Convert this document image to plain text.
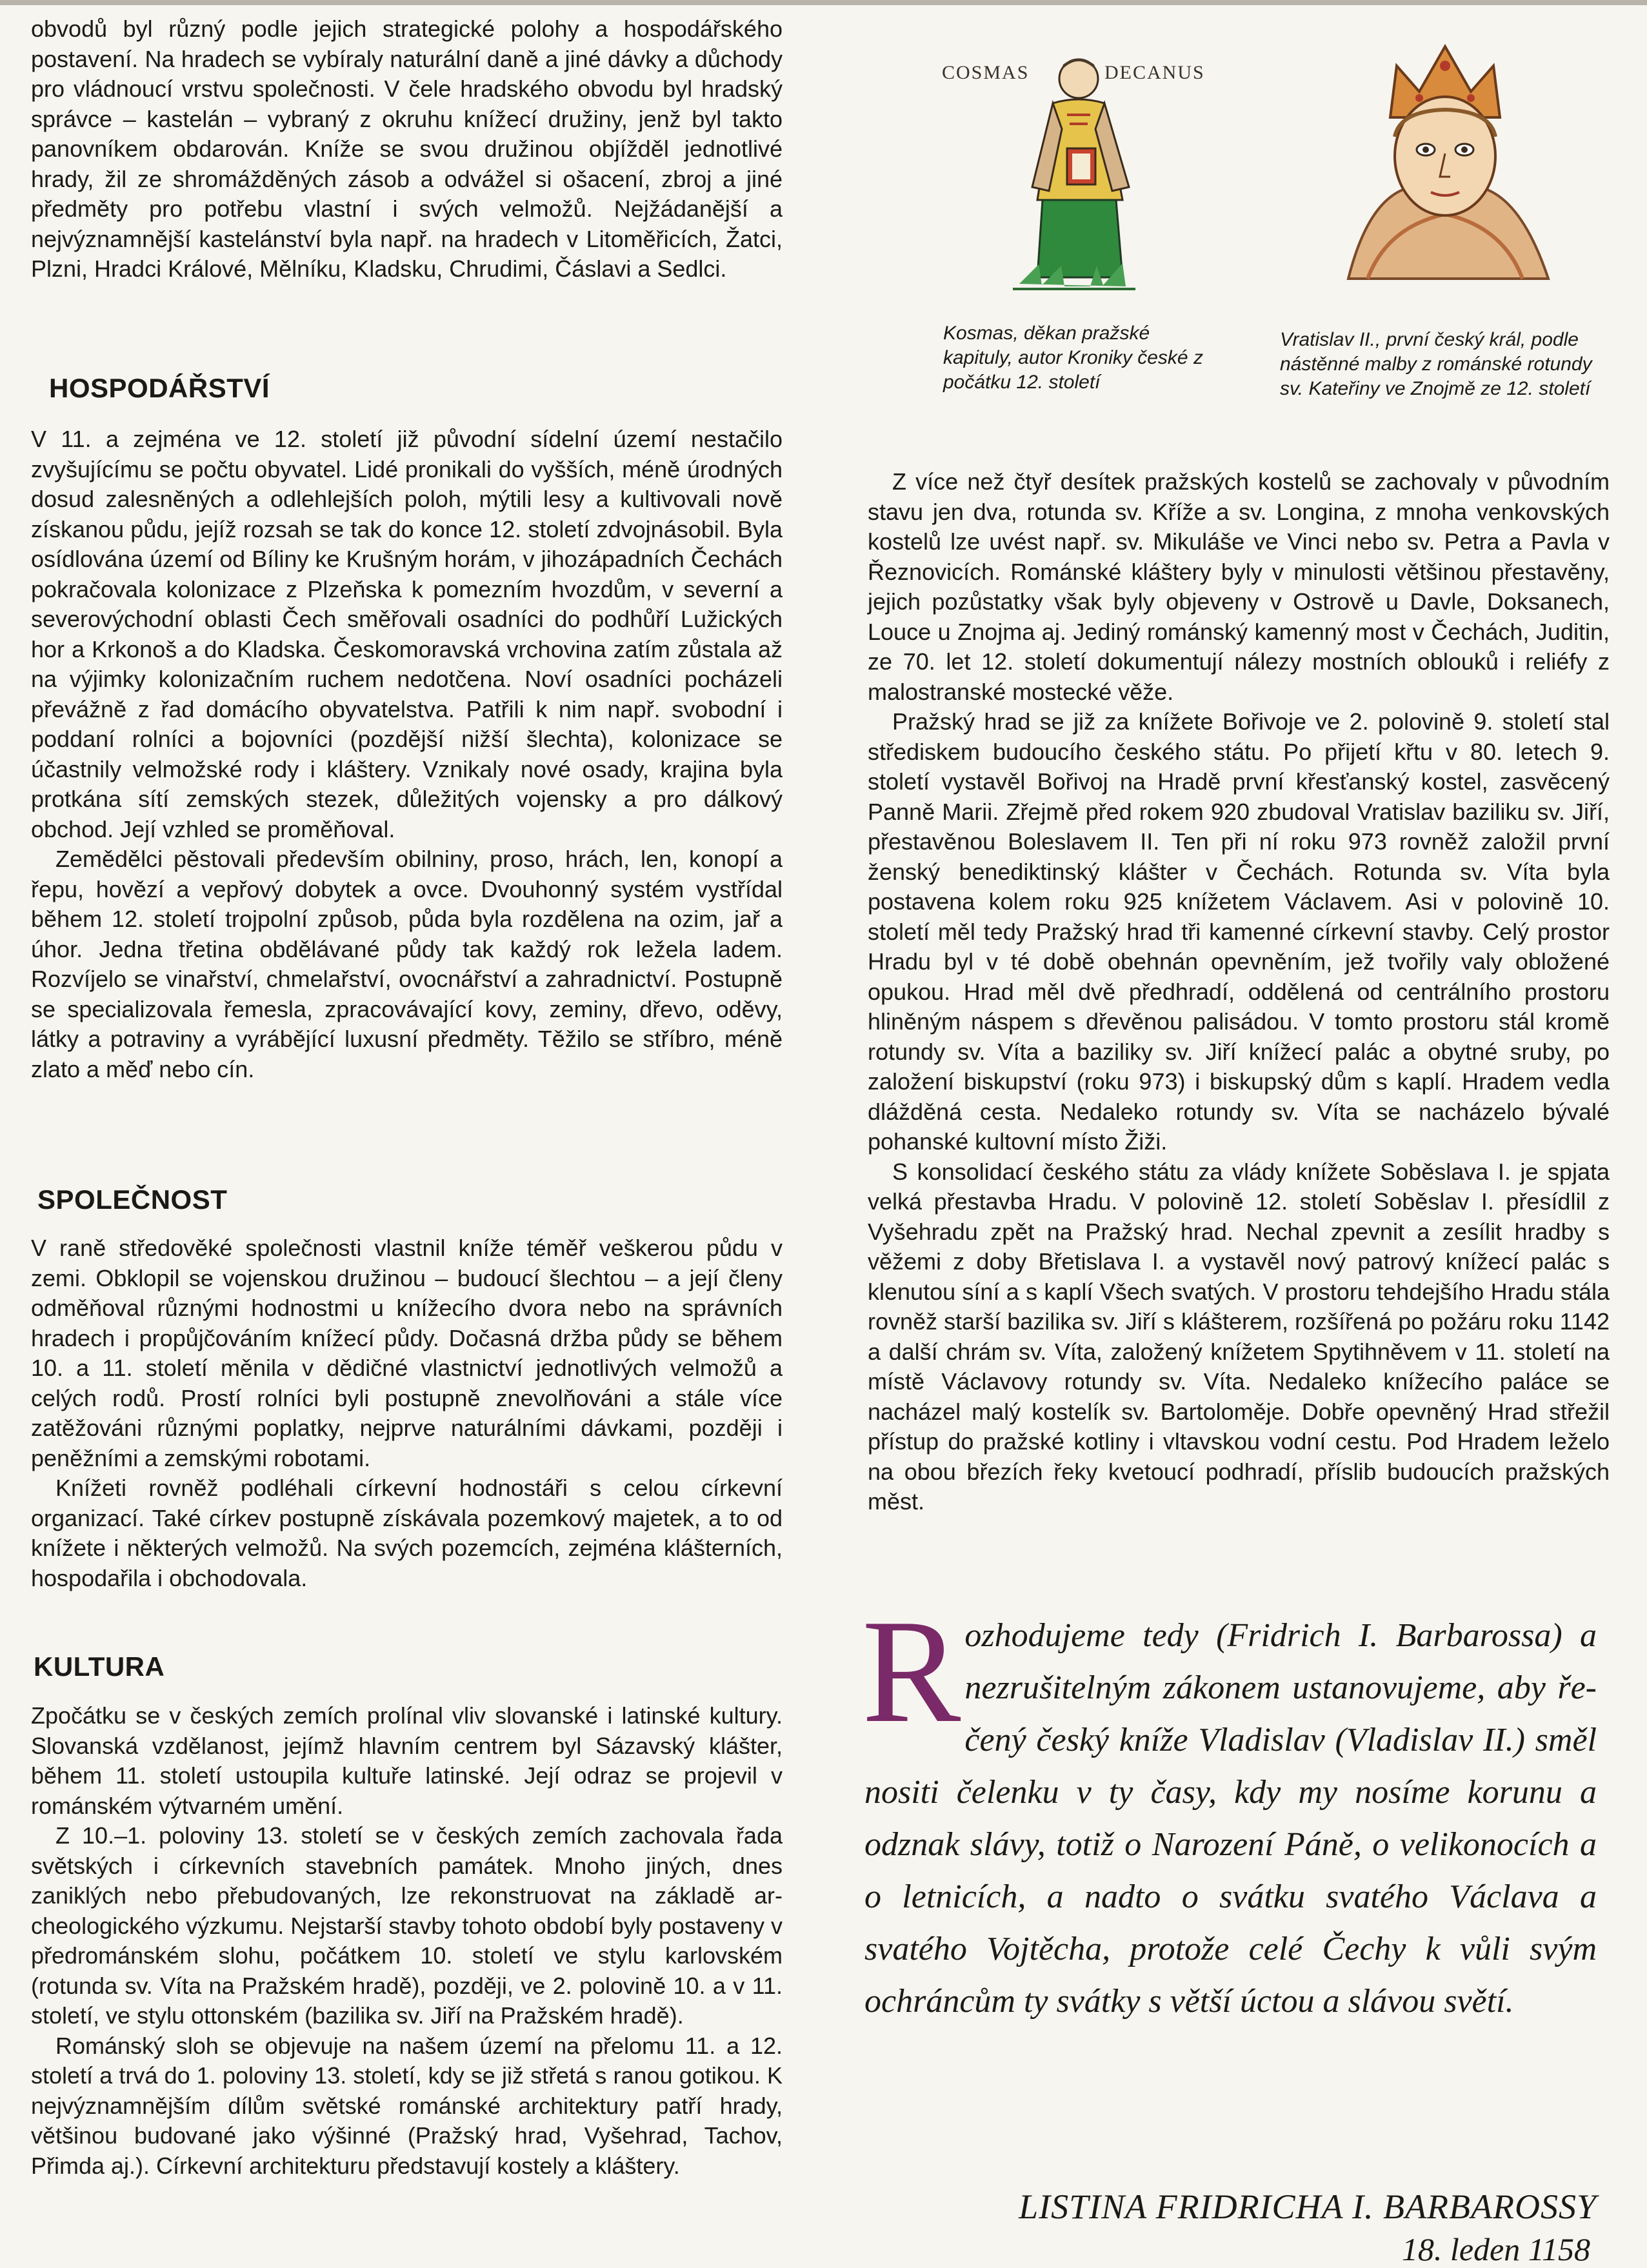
obvodů byl různý podle jejich strategické polohy a hospodářského postavení. Na hradech se vybíraly naturální daně a jiné dávky a důchody pro vládnoucí vrstvu společnosti. V čele hradského obvodu byl hradský správce – kastelán – vybraný z okruhu knížecí družiny, jenž byl takto panovníkem obdarován. Kníže se svou družinou objížděl jednotlivé hrady, žil ze shromážděných zásob a odvážel si ošacení, zbroj a jiné předměty pro potřebu vlastní i svých velmožů. Nejžádanější a nejvýznamnější kastelánství byla např. na hradech v Litoměřicích, Žatci, Plzni, Hradci Králové, Mělníku, Kladsku, Chrudimi, Čáslavi a Sedlci.

HOSPODÁŘSTVÍ

V 11. a zejména ve 12. století již původní sídelní území nestačilo zvyšujícímu se počtu obyvatel. Lidé pronikali do vyšších, méně úrodných dosud zalesněných a odlehlejších poloh, mýtili lesy a kultivovali nově získanou půdu, jejíž rozsah se tak do konce 12. století zdvojnásobil. Byla osídlována území od Bíliny ke Krušným horám, v jihozápadních Čechách pokračovala kolonizace z Plzeňska k pomezním hvozdům, v severní a severovýchodní oblasti Čech směřovali osadníci do podhůří Lužických hor a Krkonoš a do Kladska. Českomoravská vrchovina zatím zůstala až na výjimky kolonizačním ruchem nedotčena. Noví osadníci pocházeli převážně z řad domácího obyvatelstva. Patřili k nim např. svobodní i poddaní rolníci a bojovníci (pozdější nižší šlechta), kolonizace se účastnily velmožské rody i kláštery. Vznikaly nové osady, krajina byla protkána sítí zemských stezek, důležitých vojensky a pro dálkový obchod. Její vzhled se proměňoval.

Zemědělci pěstovali především obilniny, proso, hrách, len, konopí a řepu, hovězí a vepřový dobytek a ovce. Dvouhonný systém vystřídal během 12. století trojpolní způsob, půda byla rozdělena na ozim, jař a úhor. Jedna třetina obdělávané půdy tak každý rok ležela ladem. Rozvíjelo se vinařství, chmelařství, ovocnářství a zahradnictví. Postupně se specializovala řemesla, zpracovávající kovy, zeminy, dřevo, oděvy, látky a potraviny a vyrábějící luxusní předměty. Těžilo se stříbro, méně zlato a měď nebo cín.

SPOLEČNOST

V raně středověké společnosti vlastnil kníže téměř veškerou půdu v zemi. Obklopil se vojenskou družinou – budoucí šlechtou – a její členy odměňoval různými hodnostmi u knížecího dvora nebo na správních hradech i propůjčováním knížecí půdy. Dočasná držba půdy se během 10. a 11. století měnila v dědičné vlastnictví jednotlivých velmožů a celých rodů. Prostí rolníci byli postupně znevolňováni a stále více zatěžováni různými poplatky, nejprve naturálními dávkami, později i peněžními a zemskými robotami.

Knížeti rovněž podléhali církevní hodnostáři s celou církevní organizací. Také církev postupně získávala pozemkový majetek, a to od knížete i některých velmožů. Na svých pozemcích, zejména klášterních, hospodařila i obchodovala.

KULTURA

Zpočátku se v českých zemích prolínal vliv slovanské i latinské kultury. Slovanská vzdělanost, jejímž hlavním centrem byl Sázavský klášter, během 11. století ustoupila kultuře latinské. Její odraz se projevil v románském výtvarném umění.

Z 10.–1. poloviny 13. století se v českých zemích zachovala řada světských i církevních stavebních památek. Mnoho jiných, dnes zaniklých nebo přebudovaných, lze rekonstruovat na základě archeologického výzkumu. Nejstarší stavby tohoto období byly postaveny v předrománském slohu, počátkem 10. století ve stylu karlovském (rotunda sv. Víta na Pražském hradě), později, ve 2. polovině 10. a v 11. století, ve stylu ottonském (bazilika sv. Jiří na Pražském hradě).

Románský sloh se objevuje na našem území na přelomu 11. a 12. století a trvá do 1. poloviny 13. století, kdy se již střetá s ranou gotikou. K nejvýznamnějším dílům světské románské architektury patří hrady, většinou budované jako výšinné (Pražský hrad, Vyšehrad, Tachov, Přimda aj.). Církevní architekturu představují kostely a kláštery.

COSMAS	DECANUS

Kosmas, děkan pražské kapituly, autor Kroniky české z počátku 12. století

Vratislav II., první český král, podle nástěnné malby z románské rotundy sv. Kateřiny ve Znojmě ze 12. století

Z více než čtyř desítek pražských kostelů se zachovaly v původním stavu jen dva, rotunda sv. Kříže a sv. Longina, z mnoha venkovských kostelů lze uvést např. sv. Mikuláše ve Vinci nebo sv. Petra a Pavla v Řeznovicích. Románské kláštery byly v minulosti většinou přestavěny, jejich pozůstatky však byly objeveny v Ostrově u Davle, Doksanech, Louce u Znojma aj. Jediný románský kamenný most v Čechách, Juditin, ze 70. let 12. století dokumentují nálezy mostních oblouků i reliéfy z malostranské mostecké věže.

Pražský hrad se již za knížete Bořivoje ve 2. polovině 9. století stal střediskem budoucího českého státu. Po přijetí křtu v 80. letech 9. století vystavěl Bořivoj na Hradě první křesťanský kostel, zasvěcený Panně Marii. Zřejmě před rokem 920 zbudoval Vratislav baziliku sv. Jiří, přestavěnou Boleslavem II. Ten při ní roku 973 rovněž založil první ženský benediktinský klášter v Čechách. Rotunda sv. Víta byla postavena kolem roku 925 knížetem Václavem. Asi v polovině 10. století měl tedy Pražský hrad tři kamenné církevní stavby. Celý prostor Hradu byl v té době obehnán opevněním, jež tvořily valy obložené opukou. Hrad měl dvě předhradí, oddělená od centrálního prostoru hliněným náspem s dřevěnou palisádou. V tomto prostoru stál kromě rotundy sv. Víta a baziliky sv. Jiří knížecí palác a obytné sruby, po založení biskupství (roku 973) i biskupský dům s kaplí. Hradem vedla dlážděná cesta. Nedaleko rotundy sv. Víta se nacházelo bývalé pohanské kultovní místo Žiži.

S konsolidací českého státu za vlády knížete Soběslava I. je spjata velká přestavba Hradu. V polovině 12. století Soběslav I. přesídlil z Vyšehradu zpět na Pražský hrad. Nechal zpevnit a zesílit hradby s věžemi z doby Břetislava I. a vystavěl nový patrový knížecí palác s klenutou síní a s kaplí Všech svatých. V prostoru tehdejšího Hradu stála rovněž starší bazilika sv. Jiří s klášterem, rozšířená po požáru roku 1142 a další chrám sv. Víta, založený knížetem Spytihněvem v 11. století na místě Václavovy rotundy sv. Víta. Nedaleko knížecího paláce se nacházel malý kostelík sv. Bartoloměje. Dobře opevněný Hrad střežil přístup do pražské kotliny i vltavskou vodní cestu. Pod Hradem leželo na obou březích řeky kvetoucí podhradí, příslib budoucích pražských měst.

Rozhodujeme tedy (Fridrich I. Barbarossa) a nezrušitelným zákonem ustanovujeme, aby řečený český kníže Vladislav (Vladislav II.) směl nositi čelenku v ty časy, kdy my nosíme korunu a odznak slávy, totiž o Narození Páně, o velikonocích a o letnicích, a nadto o svátku svatého Václava a svatého Vojtěcha, protože celé Čechy k vůli svým ochráncům ty svátky s větší úctou a slávou světí.

LISTINA FRIDRICHA I. BARBAROSSY

18. leden 1158
